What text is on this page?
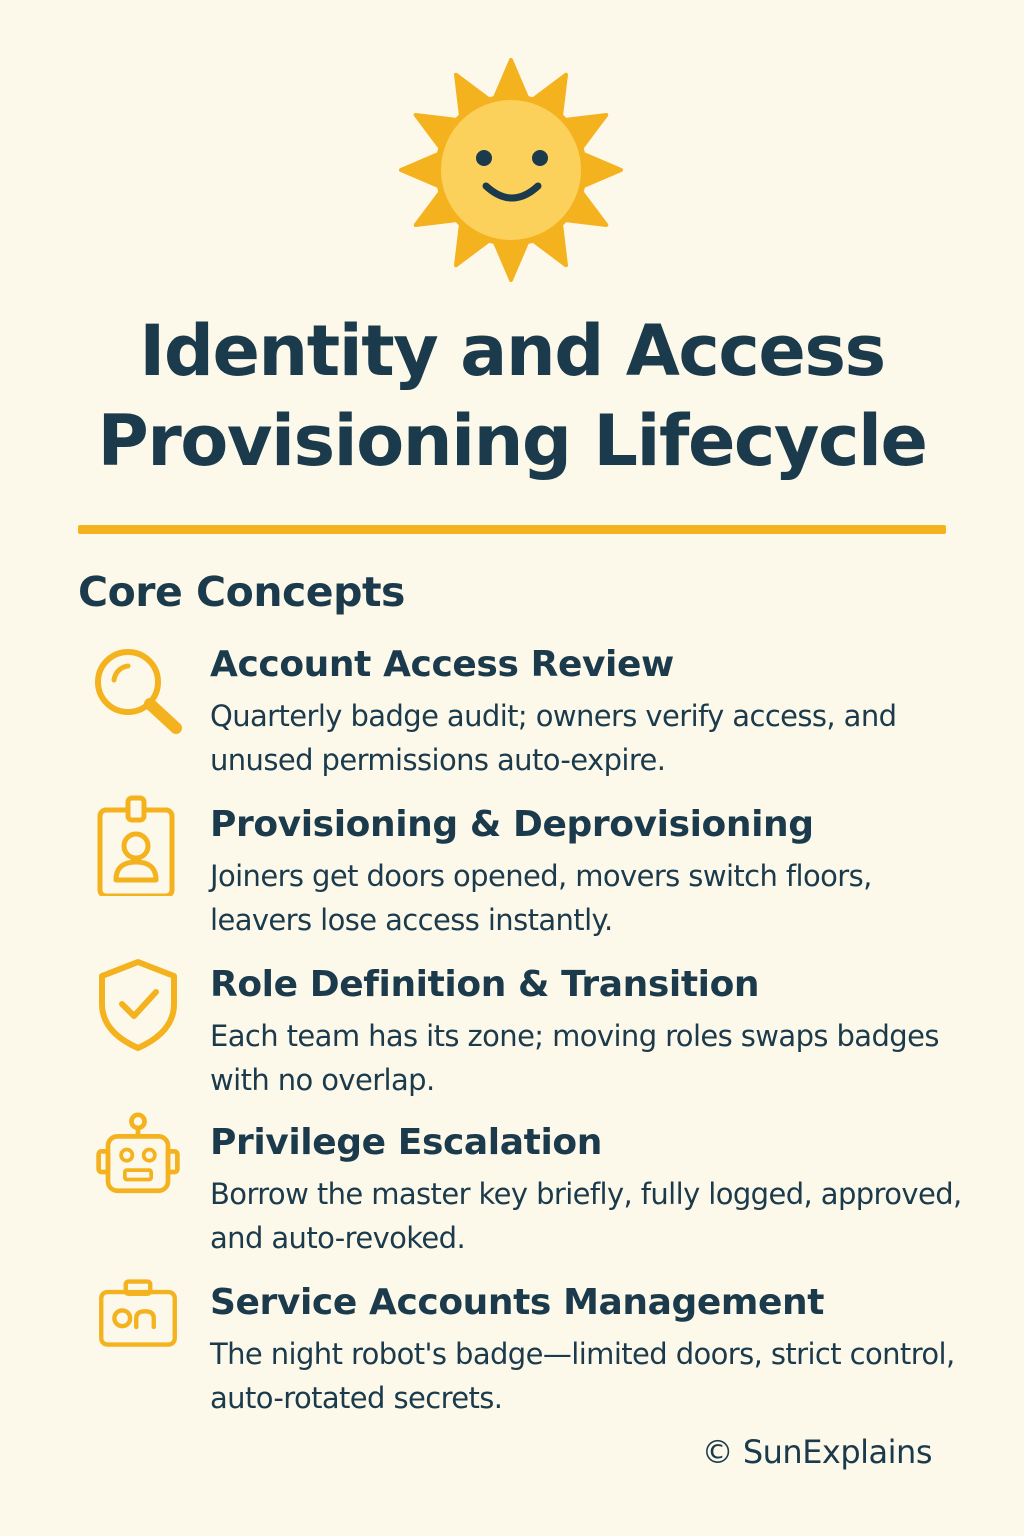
Identity and Access
Provisioning Lifecycle
Core Concepts
Account Access Review

Quarterly badge audit; owners verify access, and unused permissions auto-expire.

Provisioning & Deprovisioning

Joiners get doors opened, movers switch floors, leavers lose access instantly.

Role Definition & Transition

Each team has its zone; moving roles swaps badges with no overlap.

Privilege Escalation

Borrow the master key briefly, fully logged, approved, and auto-revoked.

Service Accounts Management

The night robot's badge—limited doors, strict control, auto-rotated secrets.

© SunExplains
